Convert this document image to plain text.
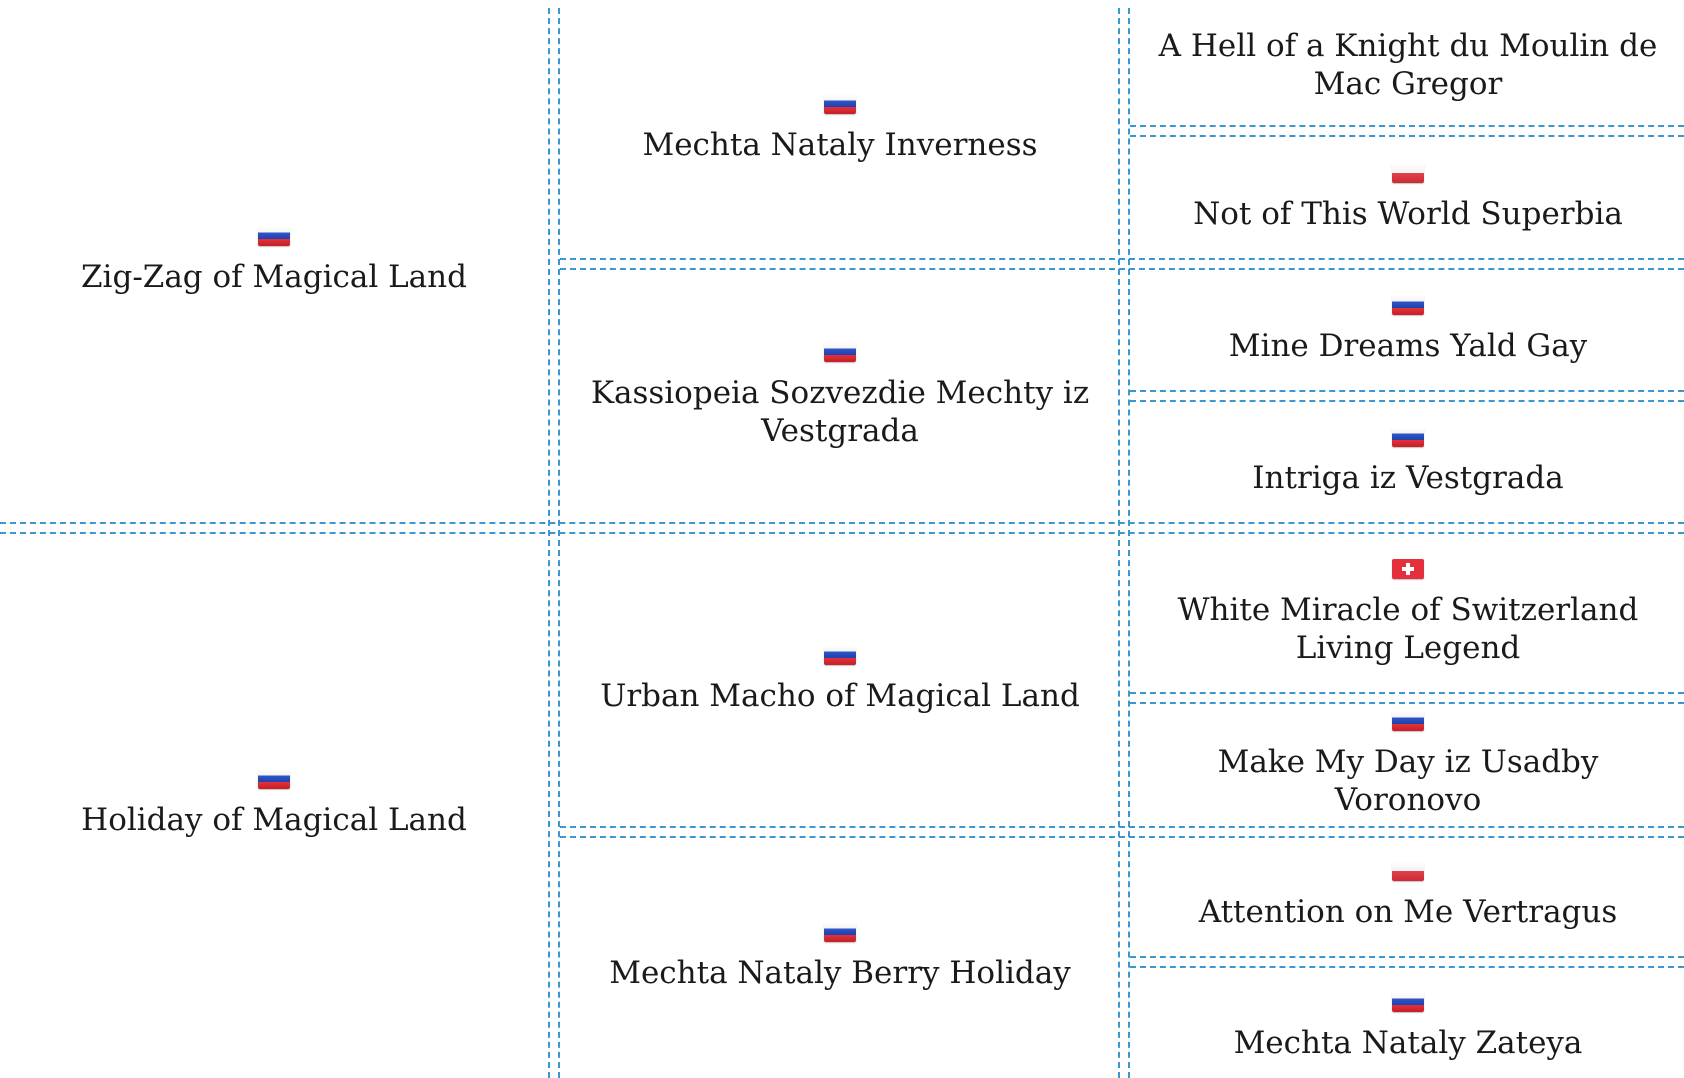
Zig-Zag of Magical Land
Holiday of Magical Land
Mechta Nataly Inverness
Kassiopeia Sozvezdie Mechty iz Vestgrada
Urban Macho of Magical Land
Mechta Nataly Berry Holiday
A Hell of a Knight du Moulin de Mac Gregor
Not of This World Superbia
Mine Dreams Yald Gay
Intriga iz Vestgrada
White Miracle of Switzerland Living Legend
Make My Day iz Usadby Voronovo
Attention on Me Vertragus
Mechta Nataly Zateya
